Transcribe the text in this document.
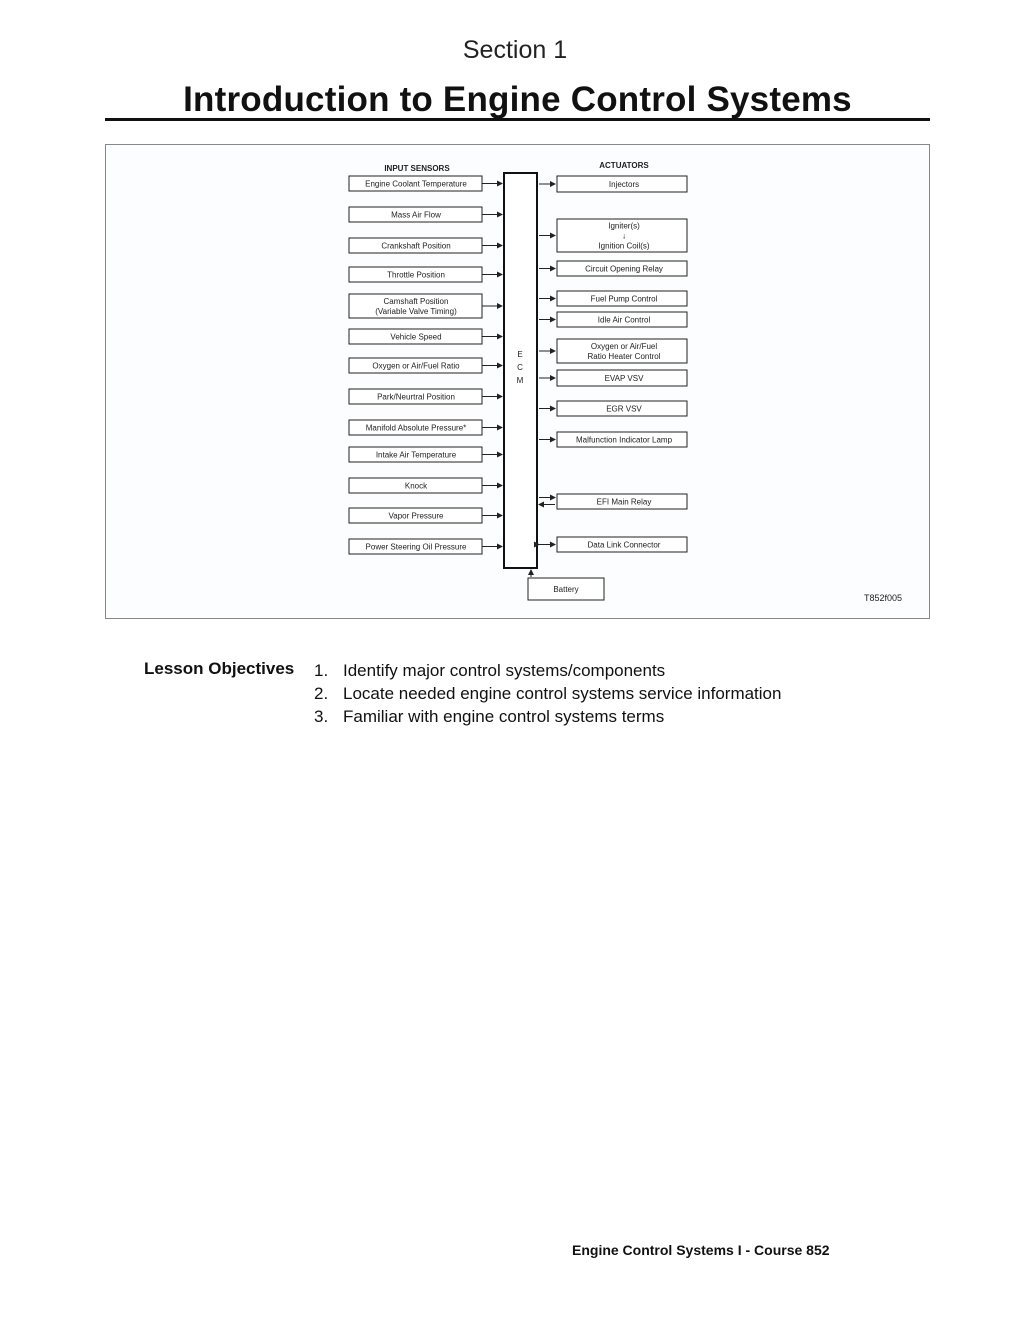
Section 1
Introduction to Engine Control Systems
INPUT SENSORS	ACTUATORS
E
C
M
Engine Coolant Temperature
Mass Air Flow
Crankshaft Position
Throttle Position
Camshaft Position
(Variable Valve Timing)
Vehicle Speed
Oxygen or Air/Fuel Ratio
Park/Neurtral Position
Manifold Absolute Pressure*
Intake Air Temperature
Knock
Vapor Pressure
Power Steering Oil Pressure
Injectors
Igniter(s)
↓
Ignition Coil(s)
Circuit Opening Relay
Fuel Pump Control
Idle Air Control
Oxygen or Air/Fuel
Ratio Heater Control
EVAP VSV
EGR VSV
Malfunction Indicator Lamp
EFI Main Relay
Data Link Connector
Battery
T852f005
Lesson Objectives 1. Identify major control systems/components
2. Locate needed engine control systems service information
3. Familiar with engine control systems terms
Engine Control Systems I - Course 852
